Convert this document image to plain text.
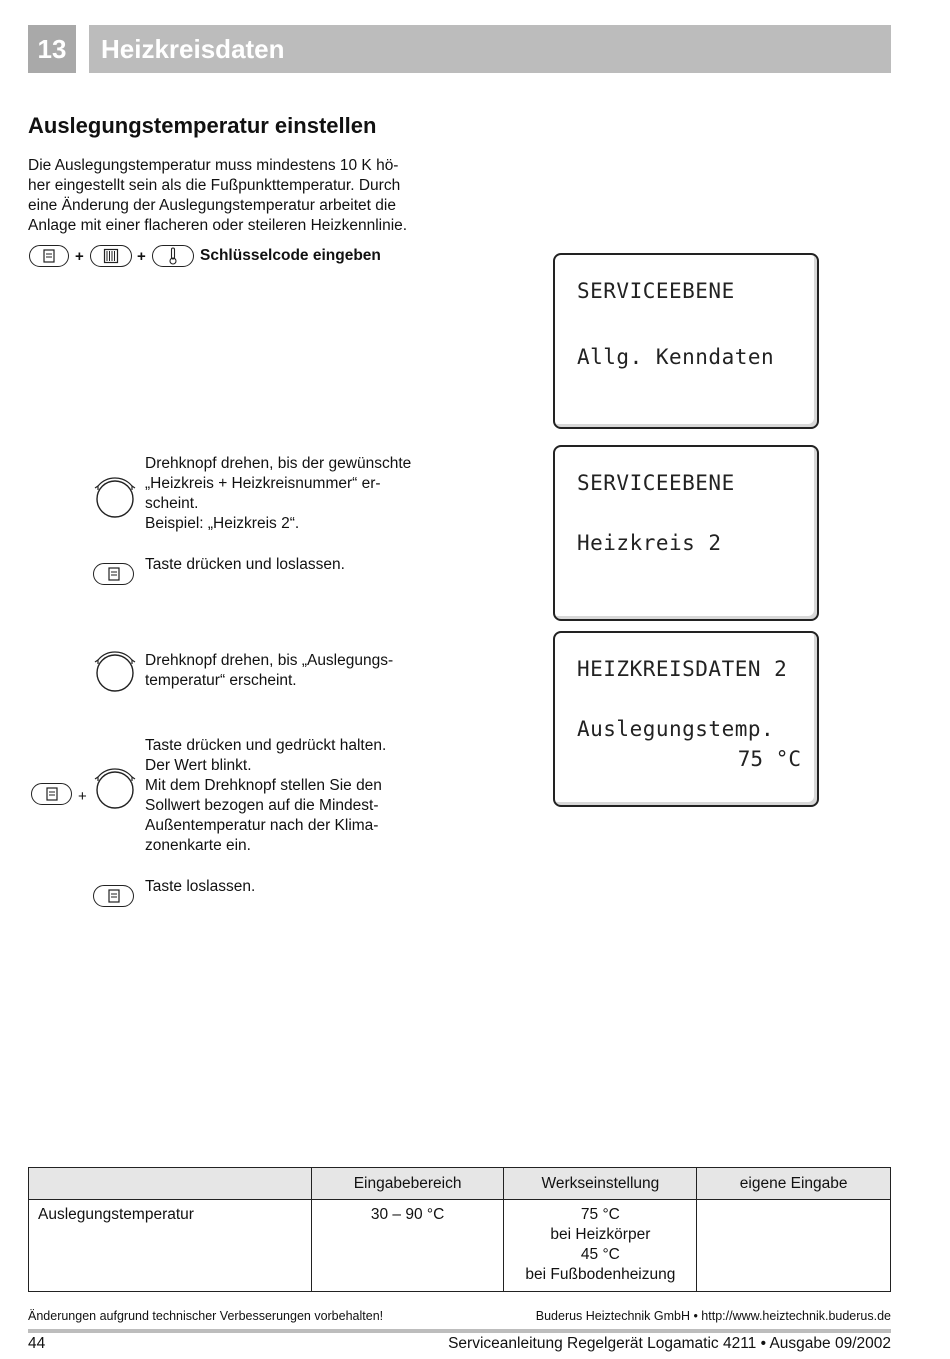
13	Heizkreisdaten
Auslegungstemperatur einstellen
Die Auslegungstemperatur muss mindestens 10 K hö-
her eingestellt sein als die Fußpunkttemperatur. Durch
eine Änderung der Auslegungstemperatur arbeitet die
Anlage mit einer flacheren oder steileren Heizkennlinie.
+	+	Schlüsselcode eingeben
Drehknopf drehen, bis der gewünschte
„Heizkreis + Heizkreisnummer“ er-
scheint.
Beispiel: „Heizkreis 2“.
Taste drücken und loslassen.
Drehknopf drehen, bis „Auslegungs-
temperatur“ erscheint.
+
Taste drücken und gedrückt halten.
Der Wert blinkt.
Mit dem Drehknopf stellen Sie den
Sollwert bezogen auf die Mindest-
Außentemperatur nach der Klima-
zonenkarte ein.
Taste loslassen.
SERVICEEBENE
Allg. Kenndaten
SERVICEEBENE
Heizkreis 2
HEIZKREISDATEN 2
Auslegungstemp.
75 °C
	Eingabebereich	Werkseinstellung	eigene Eingabe
Auslegungstemperatur	30 – 90 °C	75 °C
bei Heizkörper
45 °C
bei Fußbodenheizung	

Änderungen aufgrund technischer Verbesserungen vorbehalten!	Buderus Heiztechnik GmbH • http://www.heiztechnik.buderus.de
44	Serviceanleitung Regelgerät Logamatic 4211 • Ausgabe 09/2002
